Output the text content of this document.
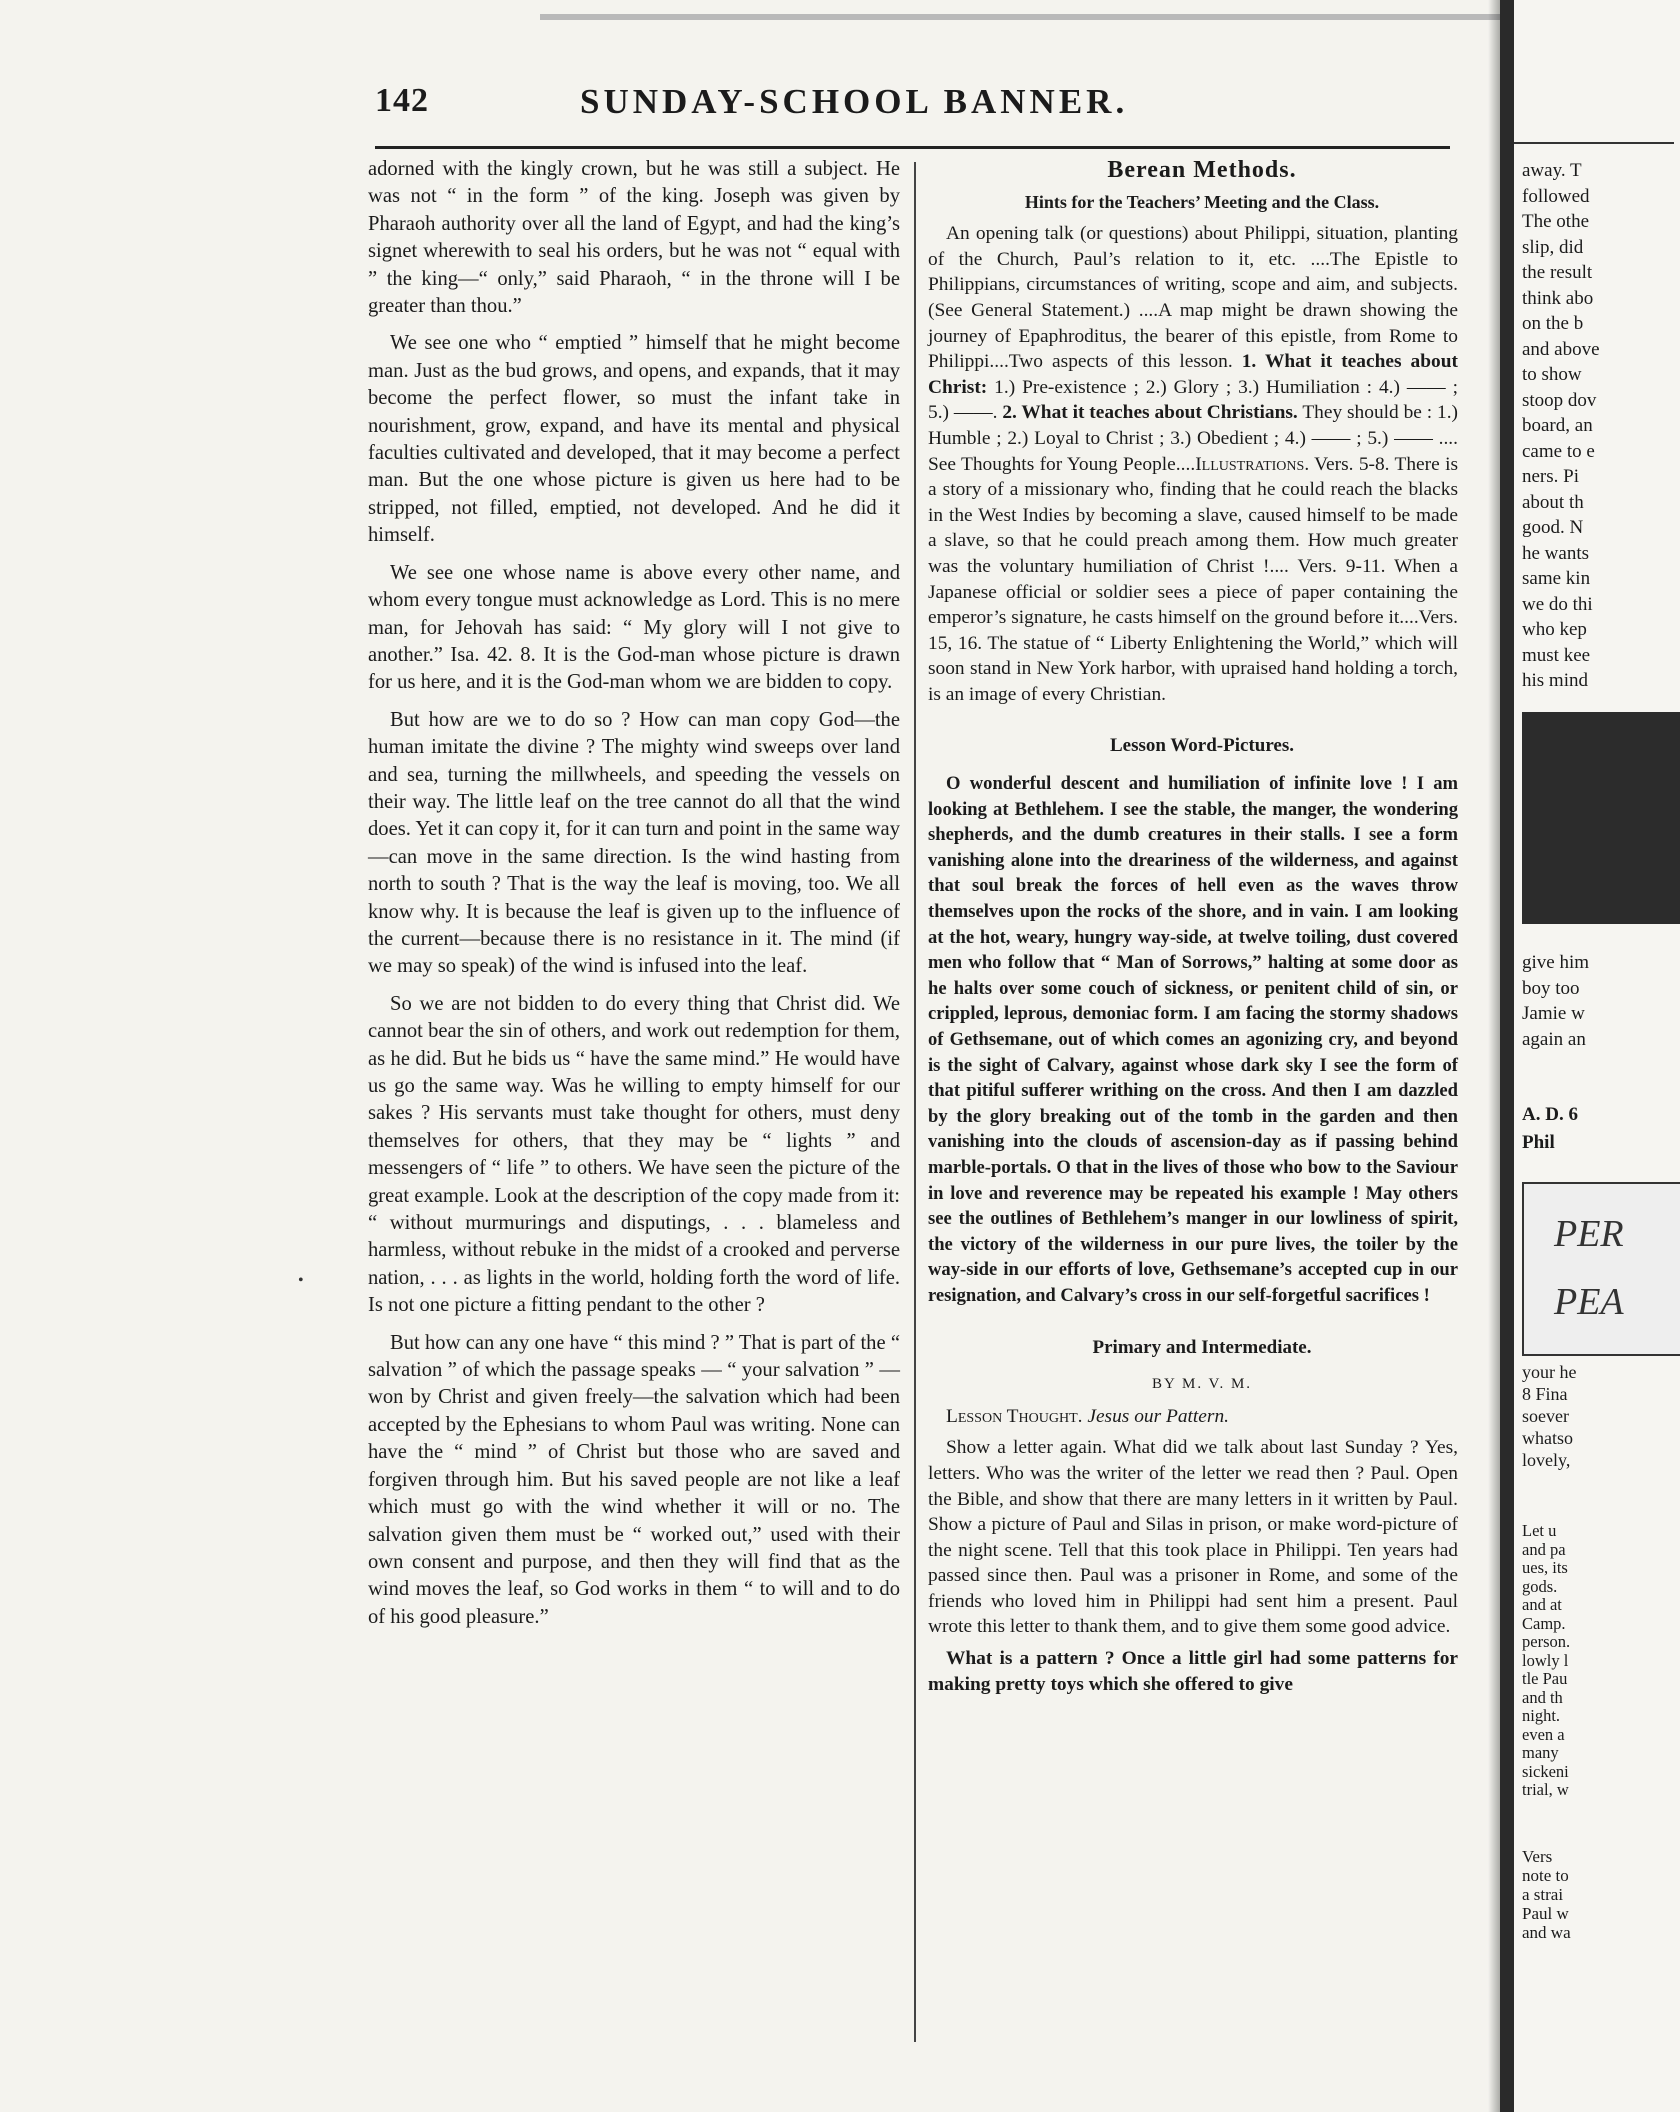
142	SUNDAY-SCHOOL BANNER.

adorned with the kingly crown, but he was still a subject. He was not “ in the form ” of the king. Joseph was given by Pharaoh authority over all the land of Egypt, and had the king’s signet wherewith to seal his orders, but he was not “ equal with ” the king—“ only,” said Pharaoh, “ in the throne will I be greater than thou.”

We see one who “ emptied ” himself that he might become man. Just as the bud grows, and opens, and expands, that it may become the perfect flower, so must the infant take in nourishment, grow, expand, and have its mental and physical faculties cultivated and developed, that it may become a perfect man. But the one whose picture is given us here had to be stripped, not filled, emptied, not developed. And he did it himself.

We see one whose name is above every other name, and whom every tongue must acknowledge as Lord. This is no mere man, for Jehovah has said: “ My glory will I not give to another.” Isa. 42. 8. It is the God-man whose picture is drawn for us here, and it is the God-man whom we are bidden to copy.

But how are we to do so ? How can man copy God—the human imitate the divine ? The mighty wind sweeps over land and sea, turning the millwheels, and speeding the vessels on their way. The little leaf on the tree cannot do all that the wind does. Yet it can copy it, for it can turn and point in the same way—can move in the same direction. Is the wind hasting from north to south ? That is the way the leaf is moving, too. We all know why. It is because the leaf is given up to the influence of the current—because there is no resistance in it. The mind (if we may so speak) of the wind is infused into the leaf.

So we are not bidden to do every thing that Christ did. We cannot bear the sin of others, and work out redemption for them, as he did. But he bids us “ have the same mind.” He would have us go the same way. Was he willing to empty himself for our sakes ? His servants must take thought for others, must deny themselves for others, that they may be “ lights ” and messengers of “ life ” to others. We have seen the picture of the great example. Look at the description of the copy made from it: “ without murmurings and disputings, . . . blameless and harmless, without rebuke in the midst of a crooked and perverse nation, . . . as lights in the world, holding forth the word of life. Is not one picture a fitting pendant to the other ?

But how can any one have “ this mind ? ” That is part of the “ salvation ” of which the passage speaks — “ your salvation ” — won by Christ and given freely—the salvation which had been accepted by the Ephesians to whom Paul was writing. None can have the “ mind ” of Christ but those who are saved and forgiven through him. But his saved people are not like a leaf which must go with the wind whether it will or no. The salvation given them must be “ worked out,” used with their own consent and purpose, and then they will find that as the wind moves the leaf, so God works in them “ to will and to do of his good pleasure.”

Berean Methods.

Hints for the Teachers’ Meeting and the Class.

An opening talk (or questions) about Philippi, situation, planting of the Church, Paul’s relation to it, etc. ....The Epistle to Philippians, circumstances of writing, scope and aim, and subjects. (See General Statement.) ....A map might be drawn showing the journey of Epaphroditus, the bearer of this epistle, from Rome to Philippi....Two aspects of this lesson. 1. What it teaches about Christ: 1.) Pre-existence ; 2.) Glory ; 3.) Humiliation : 4.) —— ; 5.) ——. 2. What it teaches about Christians. They should be : 1.) Humble ; 2.) Loyal to Christ ; 3.) Obedient ; 4.) —— ; 5.) —— .... See Thoughts for Young People....Illustrations. Vers. 5-8. There is a story of a missionary who, finding that he could reach the blacks in the West Indies by becoming a slave, caused himself to be made a slave, so that he could preach among them. How much greater was the voluntary humiliation of Christ !.... Vers. 9-11. When a Japanese official or soldier sees a piece of paper containing the emperor’s signature, he casts himself on the ground before it....Vers. 15, 16. The statue of “ Liberty Enlightening the World,” which will soon stand in New York harbor, with upraised hand holding a torch, is an image of every Christian.

Lesson Word-Pictures.

O wonderful descent and humiliation of infinite love ! I am looking at Bethlehem. I see the stable, the manger, the wondering shepherds, and the dumb creatures in their stalls. I see a form vanishing alone into the dreariness of the wilderness, and against that soul break the forces of hell even as the waves throw themselves upon the rocks of the shore, and in vain. I am looking at the hot, weary, hungry way-side, at twelve toiling, dust covered men who follow that “ Man of Sorrows,” halting at some door as he halts over some couch of sickness, or penitent child of sin, or crippled, leprous, demoniac form. I am facing the stormy shadows of Gethsemane, out of which comes an agonizing cry, and beyond is the sight of Calvary, against whose dark sky I see the form of that pitiful sufferer writhing on the cross. And then I am dazzled by the glory breaking out of the tomb in the garden and then vanishing into the clouds of ascension-day as if passing behind marble-portals. O that in the lives of those who bow to the Saviour in love and reverence may be repeated his example ! May others see the outlines of Bethlehem’s manger in our lowliness of spirit, the victory of the wilderness in our pure lives, the toiler by the way-side in our efforts of love, Gethsemane’s accepted cup in our resignation, and Calvary’s cross in our self-forgetful sacrifices !

Primary and Intermediate.

BY M. V. M.

Lesson Thought. Jesus our Pattern.

Show a letter again. What did we talk about last Sunday ? Yes, letters. Who was the writer of the letter we read then ? Paul. Open the Bible, and show that there are many letters in it written by Paul. Show a picture of Paul and Silas in prison, or make word-picture of the night scene. Tell that this took place in Philippi. Ten years had passed since then. Paul was a prisoner in Rome, and some of the friends who loved him in Philippi had sent him a present. Paul wrote this letter to thank them, and to give them some good advice.

What is a pattern ? Once a little girl had some patterns for making pretty toys which she offered to give

away. T
followed
The othe
slip, did
the result
think abo
on the b
and above
to show
stoop dov
board, an
came to e
ners. Pi
about th
good. N
he wants
same kin
we do thi
who kep
must kee
his mind
give him
boy too
Jamie w
again an
A. D. 6
Phil
PER
PEA
your he
8 Fina
soever
whatso
lovely,
Let u
and pa
ues, its
gods.
and at
Camp.
person.
lowly l
tle Pau
and th
night.
even a
many
sickeni
trial, w
Vers
note to
a strai
Paul w
and wa
•
